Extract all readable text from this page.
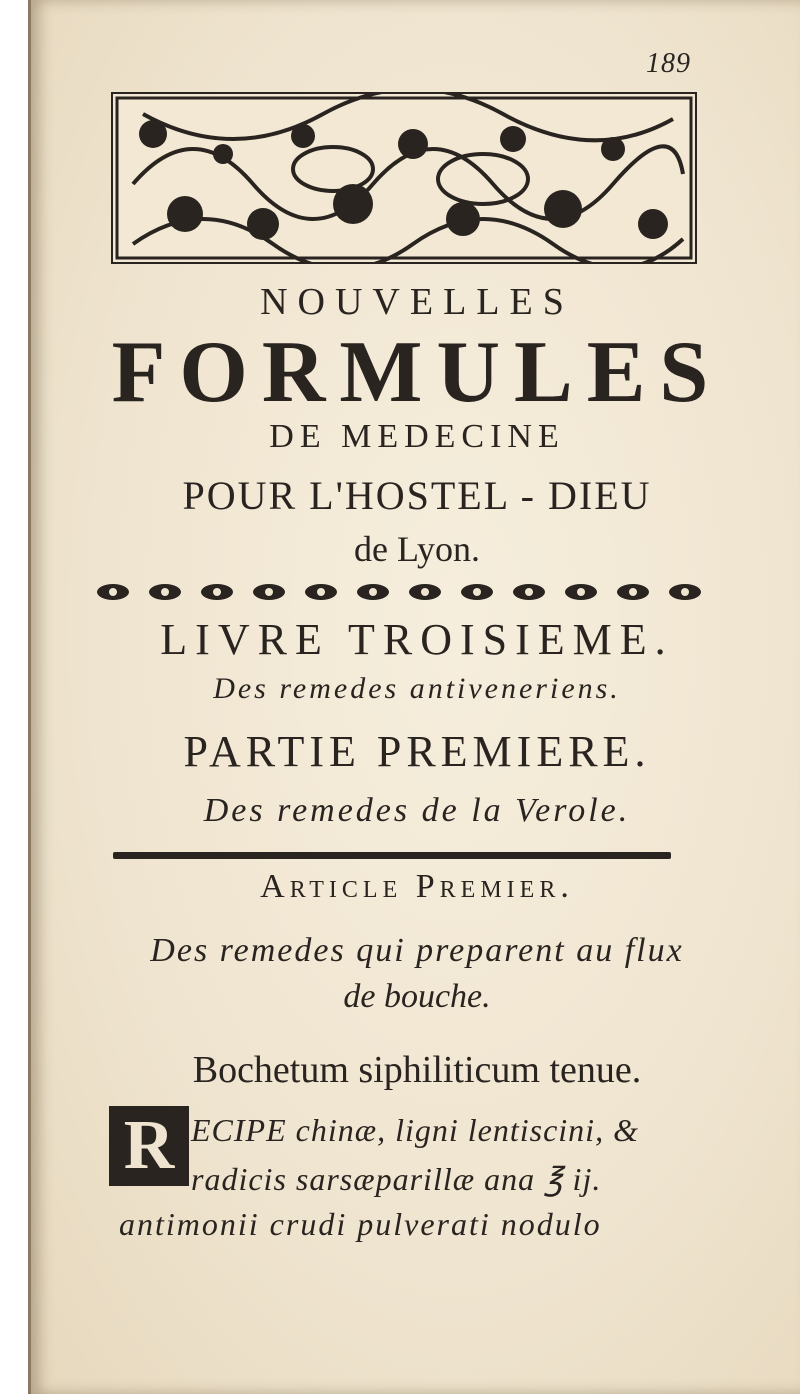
189
NOUVELLES
FORMULES
DE MEDECINE
POUR L'HOSTEL - DIEU
de Lyon.
LIVRE TROISIEME.
Des remedes antiveneriens.
PARTIE PREMIERE.
Des remedes de la Verole.
Article Premier.
Des remedes qui preparent au flux
de bouche.
Bochetum siphiliticum tenue.
R ECIPE chinæ, ligni lentiscini, &
radicis sarsæparillæ ana ℥ ij.
antimonii crudi pulverati nodulo
